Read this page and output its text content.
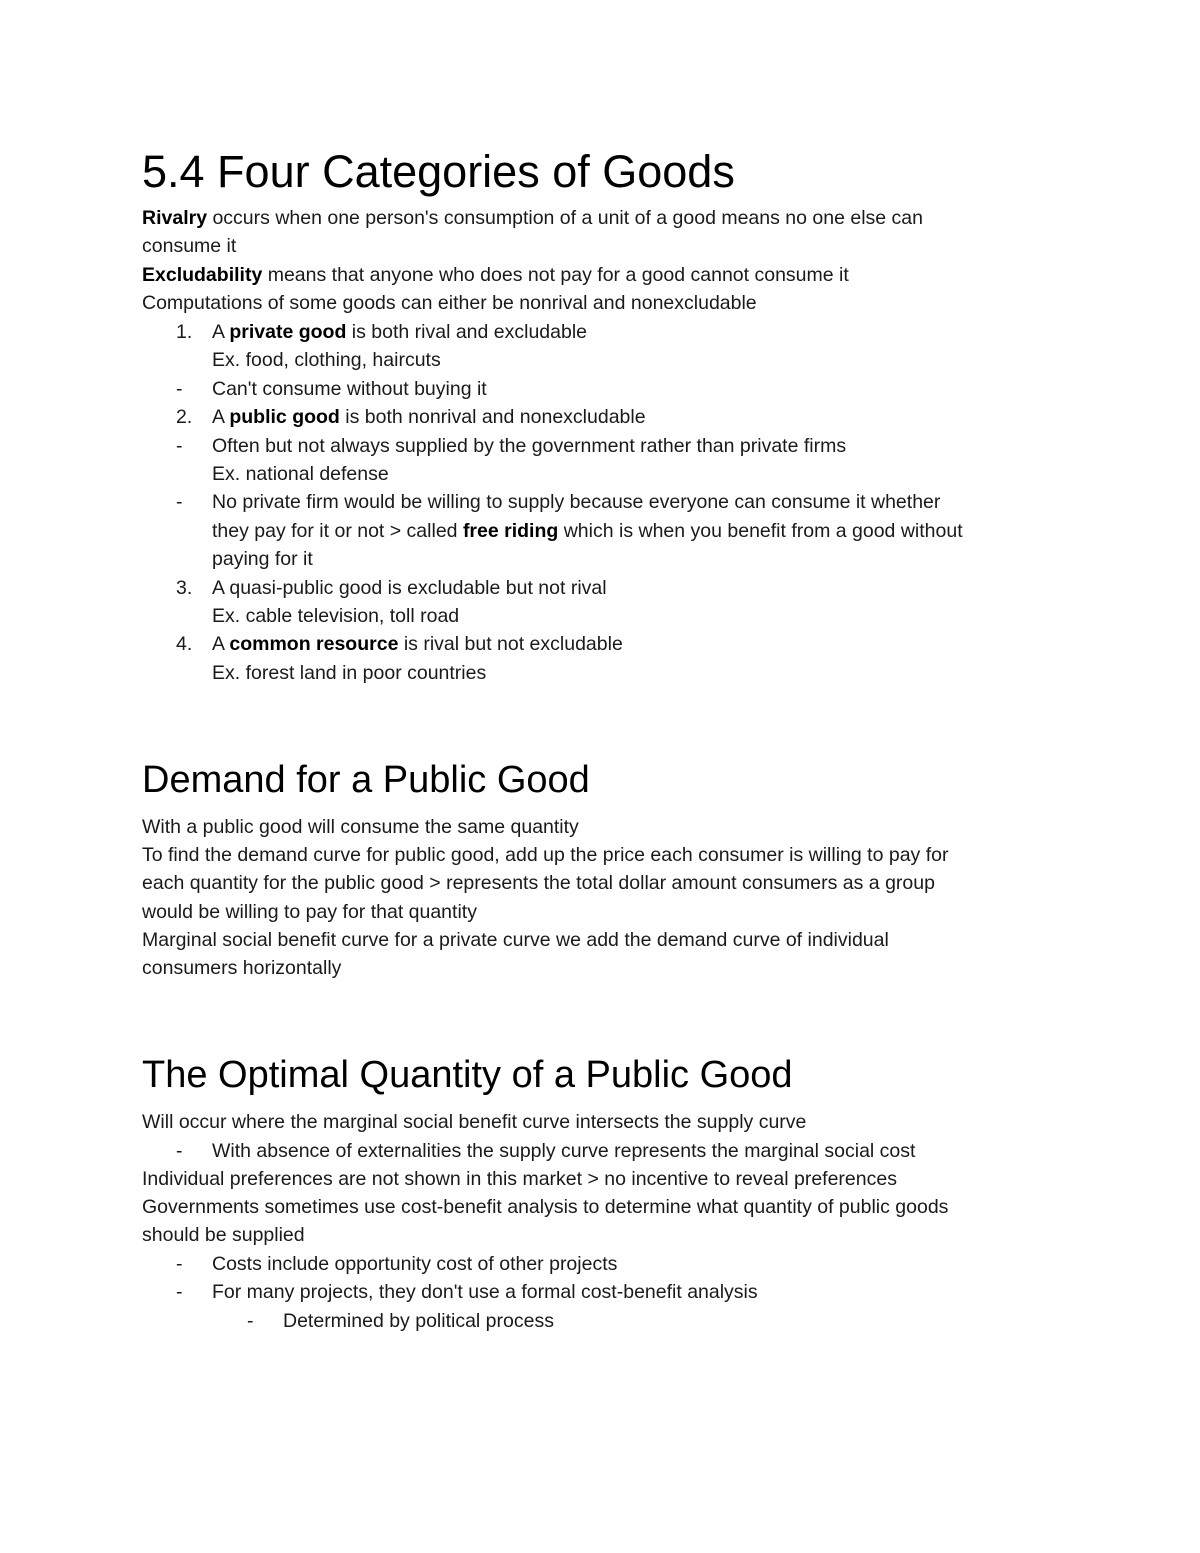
5.4 Four Categories of Goods
Rivalry occurs when one person's consumption of a unit of a good means no one else can
consume it
Excludability means that anyone who does not pay for a good cannot consume it
Computations of some goods can either be nonrival and nonexcludable
1. A private good is both rival and excludable
Ex. food, clothing, haircuts
- Can't consume without buying it
2. A public good is both nonrival and nonexcludable
- Often but not always supplied by the government rather than private firms
Ex. national defense
- No private firm would be willing to supply because everyone can consume it whether
they pay for it or not > called free riding which is when you benefit from a good without
paying for it
3. A quasi-public good is excludable but not rival
Ex. cable television, toll road
4. A common resource is rival but not excludable
Ex. forest land in poor countries
Demand for a Public Good
With a public good will consume the same quantity
To find the demand curve for public good, add up the price each consumer is willing to pay for
each quantity for the public good > represents the total dollar amount consumers as a group
would be willing to pay for that quantity
Marginal social benefit curve for a private curve we add the demand curve of individual
consumers horizontally
The Optimal Quantity of a Public Good
Will occur where the marginal social benefit curve intersects the supply curve
- With absence of externalities the supply curve represents the marginal social cost
Individual preferences are not shown in this market > no incentive to reveal preferences
Governments sometimes use cost-benefit analysis to determine what quantity of public goods
should be supplied
- Costs include opportunity cost of other projects
- For many projects, they don't use a formal cost-benefit analysis
- Determined by political process
